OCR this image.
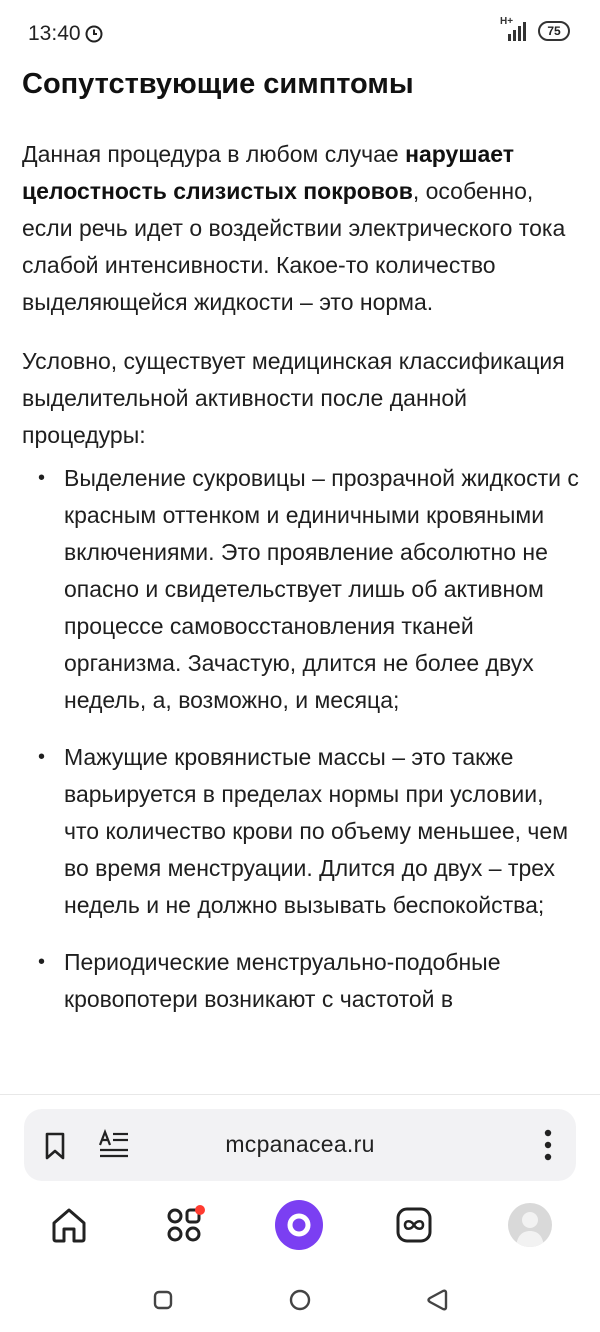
13:40
H+
75
Сопутствующие симптомы

Данная процедура в любом случае нарушает целостность слизистых покровов, особенно, если речь идет о воздействии электрического тока слабой интенсивности. Какое-то количество выделяющейся жидкости – это норма.

Условно, существует медицинская классификация выделительной активности после данной процедуры:

• Выделение сукровицы – прозрачной жидкости с красным оттенком и единичными кровяными включениями. Это проявление абсолютно не опасно и свидетельствует лишь об активном процессе самовосстановления тканей организма. Зачастую, длится не более двух недель, а, возможно, и месяца;
• Мажущие кровянистые массы – это также варьируется в пределах нормы при условии, что количество крови по объему меньшее, чем во время менструации. Длится до двух – трех недель и не должно вызывать беспокойства;
• Периодические менструально-подобные кровопотери возникают с частотой в
mcpanacea.ru
